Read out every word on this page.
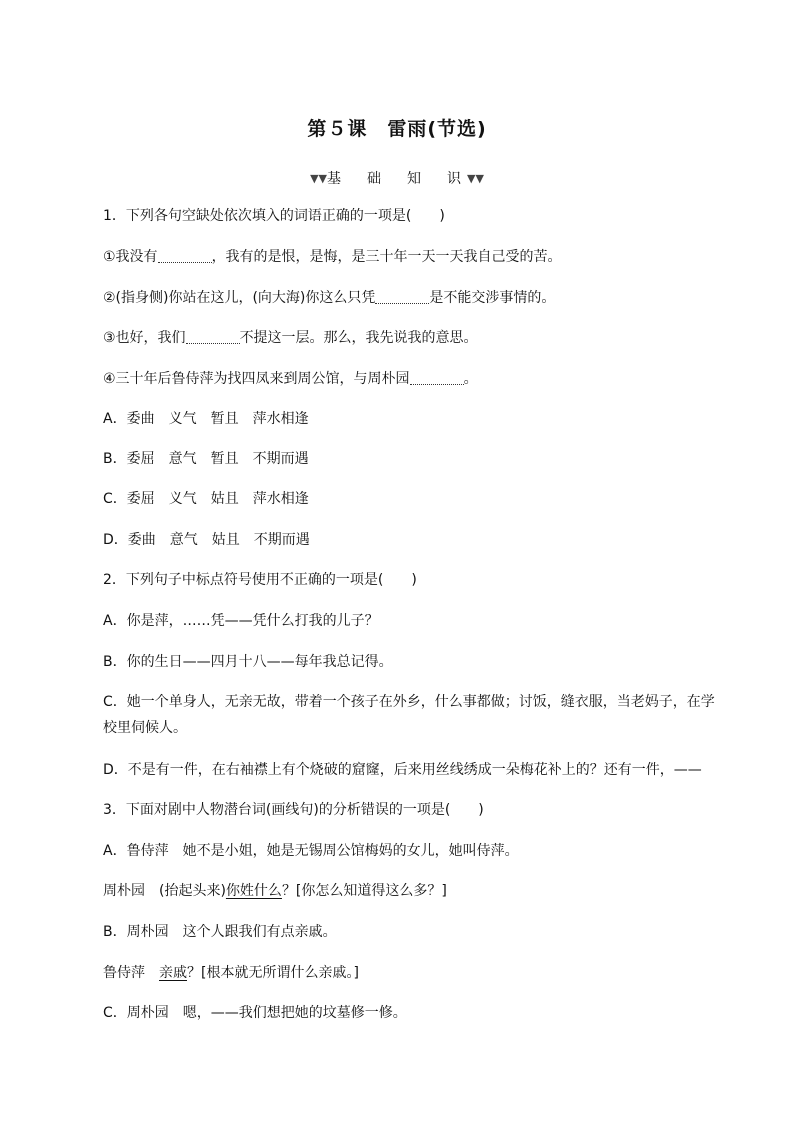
第５课　雷雨(节选)
▼▼基　础　知　识▼▼
1．下列各句空缺处依次填入的词语正确的一项是(　　)
①我没有	，我有的是恨，是悔，是三十年一天一天我自己受的苦。
②(指身侧)你站在这儿，(向大海)你这么只凭	是不能交涉事情的。
③也好，我们	不提这一层。那么，我先说我的意思。
④三十年后鲁侍萍为找四凤来到周公馆，与周朴园	。
A．委曲　义气　暂且　萍水相逢
B．委屈　意气　暂且　不期而遇
C．委屈　义气　姑且　萍水相逢
D．委曲　意气　姑且　不期而遇
2．下列句子中标点符号使用不正确的一项是(　　)
A．你是萍，……凭——凭什么打我的儿子？
B．你的生日——四月十八——每年我总记得。
C．她一个单身人，无亲无故，带着一个孩子在外乡，什么事都做；讨饭，缝衣服，当老妈子，在学校里伺候人。
D．不是有一件，在右袖襟上有个烧破的窟窿，后来用丝线绣成一朵梅花补上的？还有一件，——
3．下面对剧中人物潜台词(画线句)的分析错误的一项是(　　)
A．鲁侍萍　她不是小姐，她是无锡周公馆梅妈的女儿，她叫侍萍。
周朴园　(抬起头来)你姓什么？[你怎么知道得这么多？]
B．周朴园　这个人跟我们有点亲戚。
鲁侍萍　亲戚？[根本就无所谓什么亲戚。]
C．周朴园　嗯，——我们想把她的坟墓修一修。
